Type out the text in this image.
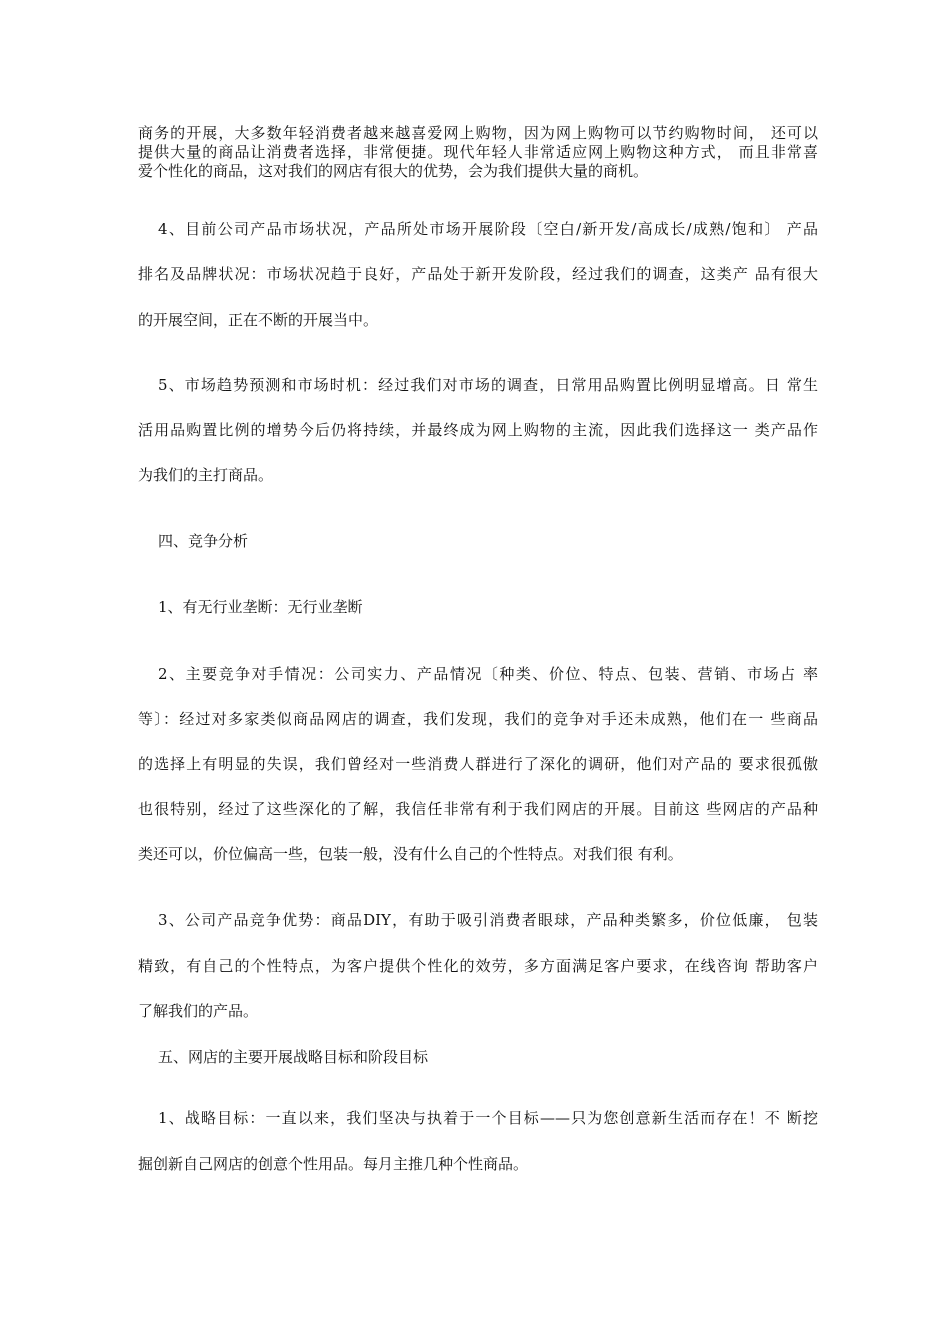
商务的开展，大多数年轻消费者越来越喜爱网上购物，因为网上购物可以节约购物时间， 还可以
提供大量的商品让消费者选择，非常便捷。现代年轻人非常适应网上购物这种方式， 而且非常喜
爱个性化的商品，这对我们的网店有很大的优势，会为我们提供大量的商机。
4、目前公司产品市场状况，产品所处市场开展阶段〔空白/新开发/高成长/成熟/饱和〕 产品
排名及品牌状况：市场状况趋于良好，产品处于新开发阶段，经过我们的调查，这类产 品有很大
的开展空间，正在不断的开展当中。
5、市场趋势预测和市场时机：经过我们对市场的调查，日常用品购置比例明显增高。日 常生
活用品购置比例的增势今后仍将持续，并最终成为网上购物的主流，因此我们选择这一 类产品作
为我们的主打商品。
四、竞争分析
1、有无行业垄断：无行业垄断
2、主要竞争对手情况：公司实力、产品情况〔种类、价位、特点、包装、营销、市场占 率
等〕：经过对多家类似商品网店的调查，我们发现，我们的竞争对手还未成熟，他们在一 些商品
的选择上有明显的失误，我们曾经对一些消费人群进行了深化的调研，他们对产品的 要求很孤傲
也很特别，经过了这些深化的了解，我信任非常有利于我们网店的开展。目前这 些网店的产品种
类还可以，价位偏高一些，包装一般，没有什么自己的个性特点。对我们很 有利。
3、公司产品竞争优势：商品DIY，有助于吸引消费者眼球，产品种类繁多，价位低廉， 包装
精致，有自己的个性特点，为客户提供个性化的效劳，多方面满足客户要求，在线咨询 帮助客户
了解我们的产品。
五、网店的主要开展战略目标和阶段目标
1、战略目标：一直以来，我们坚决与执着于一个目标——只为您创意新生活而存在！不 断挖
掘创新自己网店的创意个性用品。每月主推几种个性商品。
